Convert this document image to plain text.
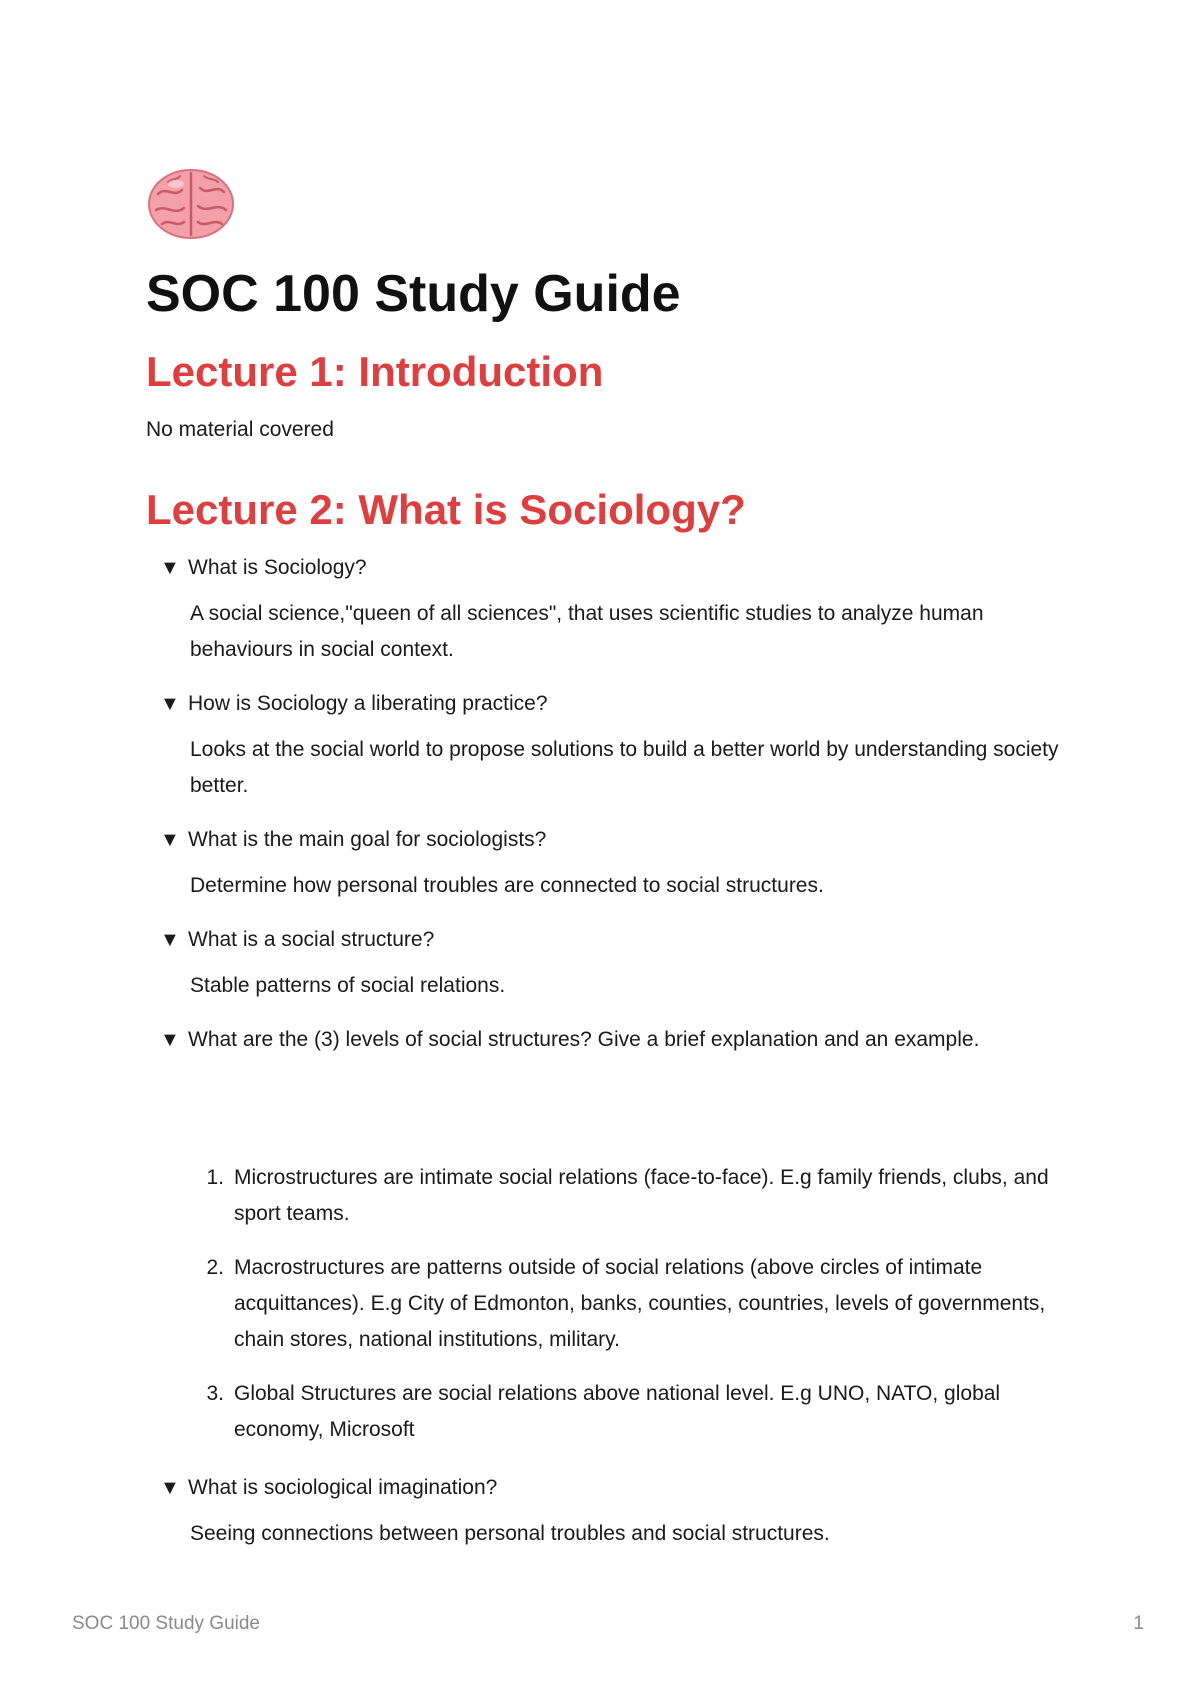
SOC 100 Study Guide
Lecture 1: Introduction

No material covered

Lecture 2: What is Sociology?
▼ What is Sociology?

A social science,"queen of all sciences", that uses scientific studies to analyze human behaviours in social context.

▼ How is Sociology a liberating practice?

Looks at the social world to propose solutions to build a better world by understanding society better.

▼ What is the main goal for sociologists?

Determine how personal troubles are connected to social structures.

▼ What is a social structure?

Stable patterns of social relations.

▼ What are the (3) levels of social structures? Give a brief explanation and an example.
1. Microstructures are intimate social relations (face-to-face). E.g family friends, clubs, and sport teams.
2. Macrostructures are patterns outside of social relations (above circles of intimate acquittances). E.g City of Edmonton, banks, counties, countries, levels of governments, chain stores, national institutions, military.
3. Global Structures are social relations above national level. E.g UNO, NATO, global economy, Microsoft
▼ What is sociological imagination?

Seeing connections between personal troubles and social structures.

SOC 100 Study Guide	1
